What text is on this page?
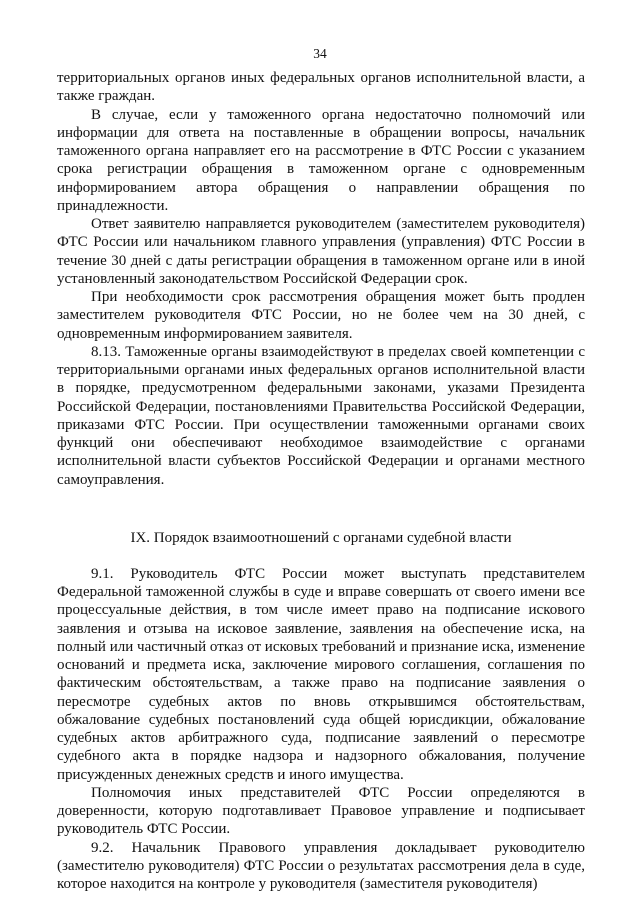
34

территориальных органов иных федеральных органов исполнительной власти, а также граждан.

В случае, если у таможенного органа недостаточно полномочий или информации для ответа на поставленные в обращении вопросы, начальник таможенного органа направляет его на рассмотрение в ФТС России с указанием срока регистрации обращения в таможенном органе с одновременным информированием автора обращения о направлении обращения по принадлежности.

Ответ заявителю направляется руководителем (заместителем руководителя) ФТС России или начальником главного управления (управления) ФТС России в течение 30 дней с даты регистрации обращения в таможенном органе или в иной установленный законодательством Российской Федерации срок.

При необходимости срок рассмотрения обращения может быть продлен заместителем руководителя ФТС России, но не более чем на 30 дней, с одновременным информированием заявителя.

8.13. Таможенные органы взаимодействуют в пределах своей компетенции с территориальными органами иных федеральных органов исполнительной власти в порядке, предусмотренном федеральными законами, указами Президента Российской Федерации, постановлениями Правительства Российской Федерации, приказами ФТС России. При осуществлении таможенными органами своих функций они обеспечивают необходимое взаимодействие с органами исполнительной власти субъектов Российской Федерации и органами местного самоуправления.

IX. Порядок взаимоотношений с органами судебной власти

9.1. Руководитель ФТС России может выступать представителем Федеральной таможенной службы в суде и вправе совершать от своего имени все процессуальные действия, в том числе имеет право на подписание искового заявления и отзыва на исковое заявление, заявления на обеспечение иска, на полный или частичный отказ от исковых требований и признание иска, изменение оснований и предмета иска, заключение мирового соглашения, соглашения по фактическим обстоятельствам, а также право на подписание заявления о пересмотре судебных актов по вновь открывшимся обстоятельствам, обжалование судебных постановлений суда общей юрисдикции, обжалование судебных актов арбитражного суда, подписание заявлений о пересмотре судебного акта в порядке надзора и надзорного обжалования, получение присужденных денежных средств и иного имущества.

Полномочия иных представителей ФТС России определяются в доверенности, которую подготавливает Правовое управление и подписывает руководитель ФТС России.

9.2. Начальник Правового управления докладывает руководителю (заместителю руководителя) ФТС России о результатах рассмотрения дела в суде, которое находится на контроле у руководителя (заместителя руководителя)
